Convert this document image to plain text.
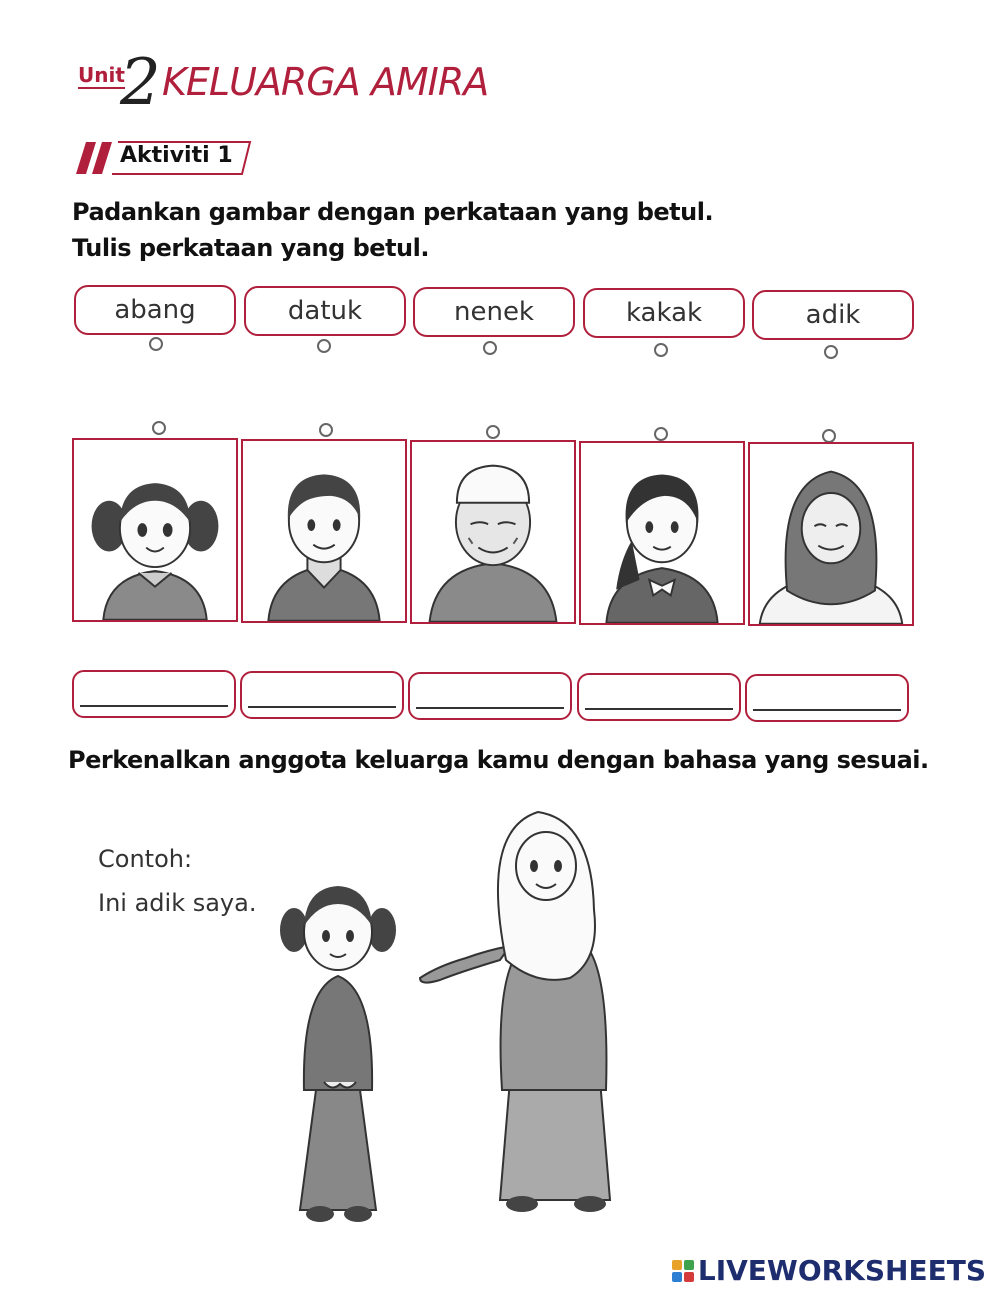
Unit
2 KELUARGA AMIRA
Aktiviti 1
Padankan gambar dengan perkataan yang betul.
Tulis perkataan yang betul.
abang	datuk	nenek	kakak	adik
Perkenalkan anggota keluarga kamu dengan bahasa yang sesuai.
Contoh:
Ini adik saya.
LIVEWORKSHEETS
